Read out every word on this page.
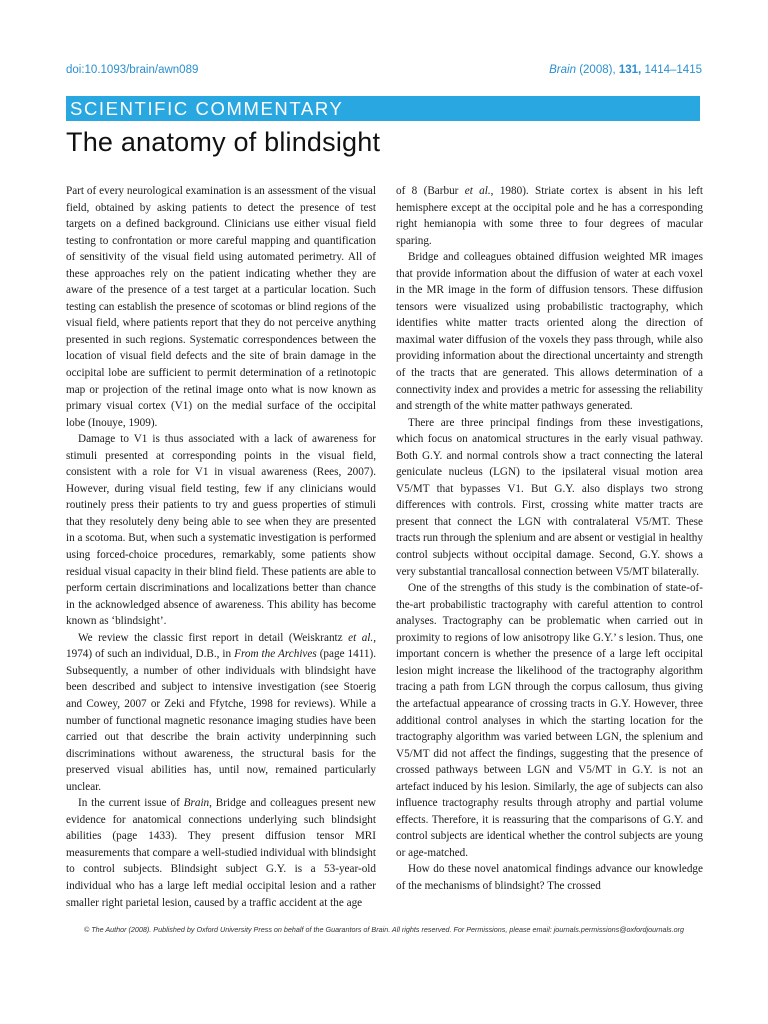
doi:10.1093/brain/awn089	Brain (2008), 131, 1414–1415
SCIENTIFIC COMMENTARY
The anatomy of blindsight

Part of every neurological examination is an assessment of the visual field, obtained by asking patients to detect the presence of test targets on a defined background. Clinicians use either visual field testing to confrontation or more careful mapping and quantification of sensitivity of the visual field using automated perimetry. All of these approaches rely on the patient indicating whether they are aware of the presence of a test target at a particular location. Such testing can establish the presence of scotomas or blind regions of the visual field, where patients report that they do not perceive anything presented in such regions. Systematic correspondences between the location of visual field defects and the site of brain damage in the occipital lobe are sufficient to permit determination of a retinotopic map or projection of the retinal image onto what is now known as primary visual cortex (V1) on the medial surface of the occipital lobe (Inouye, 1909).

Damage to V1 is thus associated with a lack of awareness for stimuli presented at corresponding points in the visual field, consistent with a role for V1 in visual awareness (Rees, 2007). However, during visual field testing, few if any clinicians would routinely press their patients to try and guess properties of stimuli that they resolutely deny being able to see when they are presented in a scotoma. But, when such a systematic investigation is performed using forced-choice procedures, remarkably, some patients show residual visual capacity in their blind field. These patients are able to perform certain discriminations and localizations better than chance in the acknowledged absence of awareness. This ability has become known as ‘blindsight’.

We review the classic first report in detail (Weiskrantz et al., 1974) of such an individual, D.B., in From the Archives (page 1411). Subsequently, a number of other individuals with blindsight have been described and subject to intensive investigation (see Stoerig and Cowey, 2007 or Zeki and Ffytche, 1998 for reviews). While a number of functional magnetic resonance imaging studies have been carried out that describe the brain activity underpinning such discriminations without awareness, the structural basis for the preserved visual abilities has, until now, remained particularly unclear.

In the current issue of Brain, Bridge and colleagues present new evidence for anatomical connections underlying such blindsight abilities (page 1433). They present diffusion tensor MRI measurements that compare a well-studied individual with blindsight to control subjects. Blindsight subject G.Y. is a 53-year-old individual who has a large left medial occipital lesion and a rather smaller right parietal lesion, caused by a traffic accident at the age

of 8 (Barbur et al., 1980). Striate cortex is absent in his left hemisphere except at the occipital pole and he has a corresponding right hemianopia with some three to four degrees of macular sparing.

Bridge and colleagues obtained diffusion weighted MR images that provide information about the diffusion of water at each voxel in the MR image in the form of diffusion tensors. These diffusion tensors were visualized using probabilistic tractography, which identifies white matter tracts oriented along the direction of maximal water diffusion of the voxels they pass through, while also providing information about the directional uncertainty and strength of the tracts that are generated. This allows determination of a connectivity index and provides a metric for assessing the reliability and strength of the white matter pathways generated.

There are three principal findings from these investigations, which focus on anatomical structures in the early visual pathway. Both G.Y. and normal controls show a tract connecting the lateral geniculate nucleus (LGN) to the ipsilateral visual motion area V5/MT that bypasses V1. But G.Y. also displays two strong differences with controls. First, crossing white matter tracts are present that connect the LGN with contralateral V5/MT. These tracts run through the splenium and are absent or vestigial in healthy control subjects without occipital damage. Second, G.Y. shows a very substantial trancallosal connection between V5/MT bilaterally.

One of the strengths of this study is the combination of state-of-the-art probabilistic tractography with careful attention to control analyses. Tractography can be problematic when carried out in proximity to regions of low anisotropy like G.Y.’ s lesion. Thus, one important concern is whether the presence of a large left occipital lesion might increase the likelihood of the tractography algorithm tracing a path from LGN through the corpus callosum, thus giving the artefactual appearance of crossing tracts in G.Y. However, three additional control analyses in which the starting location for the tractography algorithm was varied between LGN, the splenium and V5/MT did not affect the findings, suggesting that the presence of crossed pathways between LGN and V5/MT in G.Y. is not an artefact induced by his lesion. Similarly, the age of subjects can also influence tractography results through atrophy and partial volume effects. Therefore, it is reassuring that the comparisons of G.Y. and control subjects are identical whether the control subjects are young or age-matched.

How do these novel anatomical findings advance our knowledge of the mechanisms of blindsight? The crossed

© The Author (2008). Published by Oxford University Press on behalf of the Guarantors of Brain. All rights reserved. For Permissions, please email: journals.permissions@oxfordjournals.org
